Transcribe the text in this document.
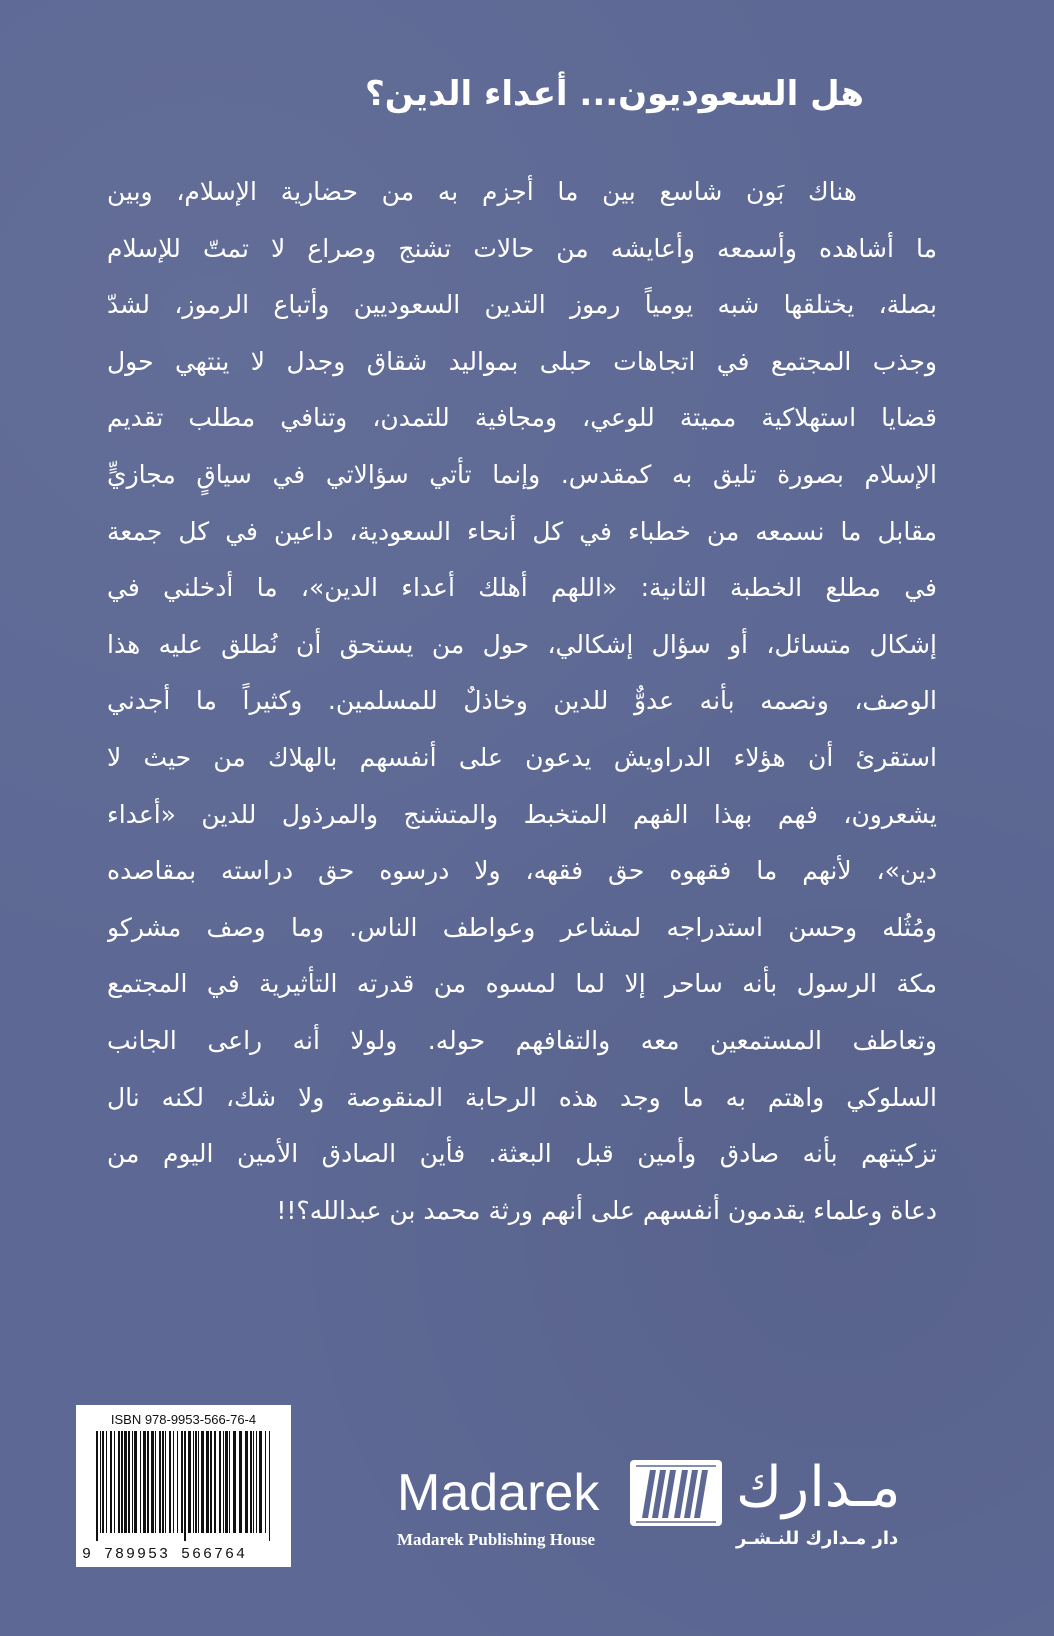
هل السعوديون... أعداء الدين؟
هناك بَون شاسع بين ما أجزم به من حضارية الإسلام، وبين
ما أشاهده وأسمعه وأعايشه من حالات تشنج وصراع لا تمتّ للإسلام
بصلة، يختلقها شبه يومياً رموز التدين السعوديين وأتباع الرموز، لشدّ
وجذب المجتمع في اتجاهات حبلى بمواليد شقاق وجدل لا ينتهي حول
قضايا استهلاكية مميتة للوعي، ومجافية للتمدن، وتنافي مطلب تقديم
الإسلام بصورة تليق به كمقدس. وإنما تأتي سؤالاتي في سياقٍ مجازيٍّ
مقابل ما نسمعه من خطباء في كل أنحاء السعودية، داعين في كل جمعة
في مطلع الخطبة الثانية: «اللهم أهلك أعداء الدين»، ما أدخلني في
إشكال متسائل، أو سؤال إشكالي، حول من يستحق أن نُطلق عليه هذا
الوصف، ونصمه بأنه عدوٌّ للدين وخاذلٌ للمسلمين. وكثيراً ما أجدني
استقرئ أن هؤلاء الدراويش يدعون على أنفسهم بالهلاك من حيث لا
يشعرون، فهم بهذا الفهم المتخبط والمتشنج والمرذول للدين «أعداء
دين»، لأنهم ما فقهوه حق فقهه، ولا درسوه حق دراسته بمقاصده
ومُثُله وحسن استدراجه لمشاعر وعواطف الناس. وما وصف مشركو
مكة الرسول بأنه ساحر إلا لما لمسوه من قدرته التأثيرية في المجتمع
وتعاطف المستمعين معه والتفافهم حوله. ولولا أنه راعى الجانب
السلوكي واهتم به ما وجد هذه الرحابة المنقوصة ولا شك، لكنه نال
تزكيتهم بأنه صادق وأمين قبل البعثة. فأين الصادق الأمين اليوم من
دعاة وعلماء يقدمون أنفسهم على أنهم ورثة محمد بن عبدالله؟!!
ISBN 978-9953-566-76-4
9 789953 566764
Madarek مـدارك
Madarek Publishing House	دار مـدارك للنـشـر
